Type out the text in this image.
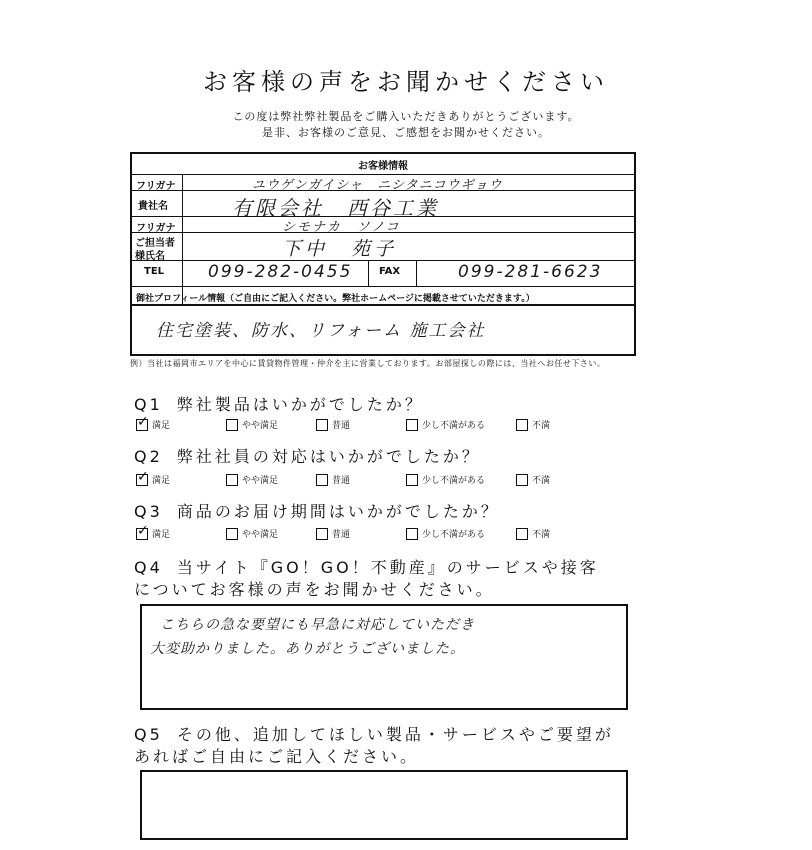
お客様の声をお聞かせください
この度は弊社弊社製品をご購入いただきありがとうございます。
是非、お客様のご意見、ご感想をお聞かせください。
お客様情報
フリガナ	ユウゲンガイシャ　ニシタニコウギョウ
貴社名	有限会社　西谷工業
フリガナ	シモナカ　ソノコ
ご担当者
様氏名	下中　苑子
TEL	099-282-0455	FAX	099-281-6623
御社プロフィール情報（ご自由にご記入ください。弊社ホームページに掲載させていただきます。）
住宅塗装、防水、リフォーム 施工会社
例）当社は福岡市エリアを中心に賃貸物件管理・仲介を主に営業しております。お部屋探しの際には、当社へお任せ下さい。
Q1 弊社製品はいかがでしたか？
✓
満足	やや満足	普通	少し不満がある	不満
Q2 弊社社員の対応はいかがでしたか？
✓
満足	やや満足	普通	少し不満がある	不満
Q3 商品のお届け期間はいかがでしたか？
✓
満足	やや満足	普通	少し不満がある	不満
Q4 当サイト『GO！GO！不動産』のサービスや接客
についてお客様の声をお聞かせください。
こちらの急な要望にも早急に対応していただき
大変助かりました。ありがとうございました。
Q5 その他、追加してほしい製品・サービスやご要望が
あればご自由にご記入ください。
